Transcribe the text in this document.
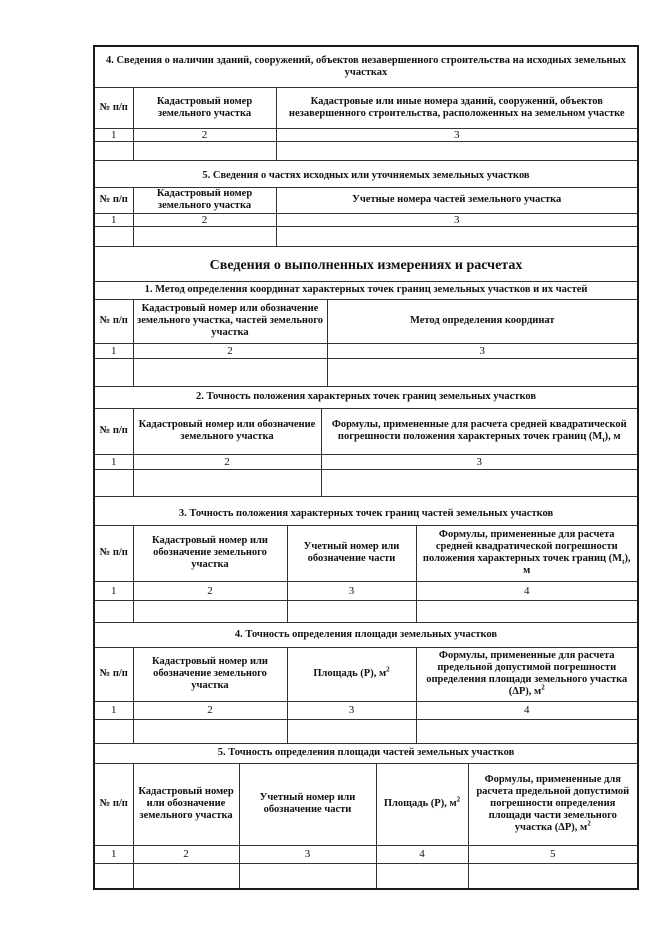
4. Сведения о наличии зданий, сооружений, объектов незавершенного строительства на исходных земельных участках		
№ п/п	Кадастровый номер земельного участка	Кадастровые или иные номера зданий, сооружений, объектов незавершенного строительства, расположенных на земельном участке
1	2	3

5. Сведения о частях исходных или уточняемых земельных участков		
№ п/п	Кадастровый номер земельного участка	Учетные номера частей земельного участка
1	2	3

Сведения о выполненных измерениях и расчетах		
1. Метод определения координат характерных точек границ земельных участков и их частей		
№ п/п	Кадастровый номер или обозначение земельного участка, частей земельного участка	Метод определения координат
1	2	3

2. Точность положения характерных точек границ земельных участков		
№ п/п	Кадастровый номер или обозначение земельного участка	Формулы, примененные для расчета средней квадратической погрешности положения характерных точек границ $(М_t)$, м
1	2	3

3. Точность положения характерных точек границ частей земельных участков			
№ п/п	Кадастровый номер или обозначение земельного участка	Учетный номер или обозначение части	Формулы, примененные для расчета средней квадратической погрешности положения характерных точек границ $(М_t)$, м
1	2	3	4

4. Точность определения площади земельных участков			
№ п/п	Кадастровый номер или обозначение земельного участка	Площадь (P), $м^2$	Формулы, примененные для расчета предельной допустимой погрешности определения площади земельного участка (ΔP), $м^2$
1	2	3	4

5. Точность определения площади частей земельных участков				
№ п/п	Кадастровый номер или обозначение земельного участка	Учетный номер или обозначение части	Площадь (P), $м^2$	Формулы, примененные для расчета предельной допустимой погрешности определения площади части земельного участка (ΔP), $м^2$
1	2	3	4	5
